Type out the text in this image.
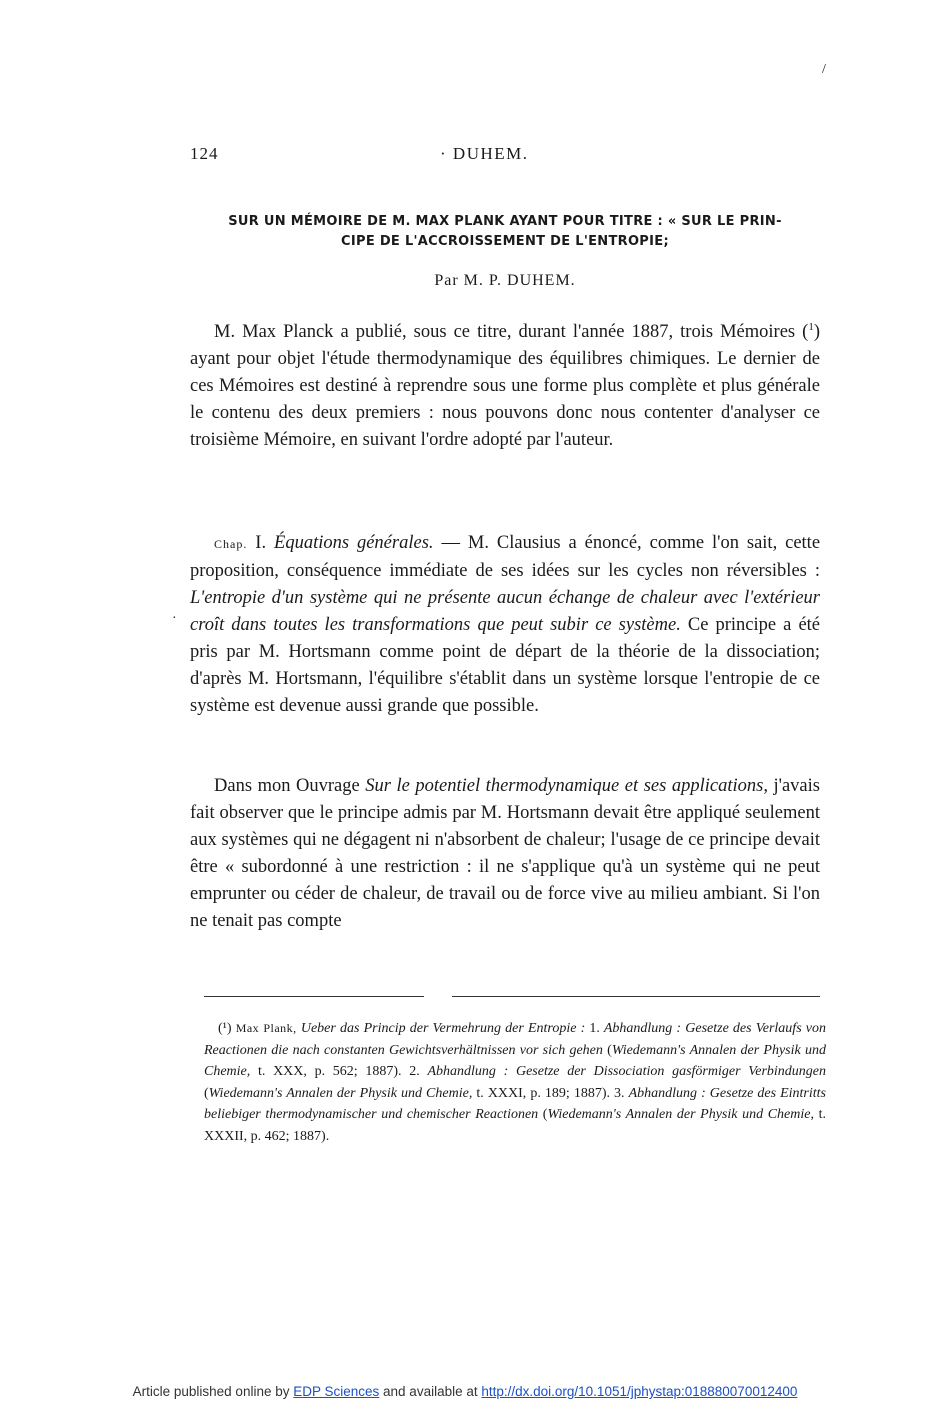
/
·
124	· DUHEM.
SUR UN MÉMOIRE DE M. MAX PLANK AYANT POUR TITRE : « SUR LE PRIN-
CIPE DE L'ACCROISSEMENT DE L'ENTROPIE;
Par M. P. DUHEM.

M. Max Planck a publié, sous ce titre, durant l'année 1887, trois Mémoires ($^1$) ayant pour objet l'étude thermodynamique des équilibres chimiques. Le dernier de ces Mémoires est destiné à reprendre sous une forme plus complète et plus générale le contenu des deux premiers : nous pouvons donc nous contenter d'analyser ce troisième Mémoire, en suivant l'ordre adopté par l'auteur.

Chap. I. Équations générales. — M. Clausius a énoncé, comme l'on sait, cette proposition, conséquence immédiate de ses idées sur les cycles non réversibles : L'entropie d'un système qui ne présente aucun échange de chaleur avec l'extérieur croît dans toutes les transformations que peut subir ce système. Ce principe a été pris par M. Hortsmann comme point de départ de la théorie de la dissociation; d'après M. Hortsmann, l'équilibre s'établit dans un système lorsque l'entropie de ce système est devenue aussi grande que possible.

Dans mon Ouvrage Sur le potentiel thermodynamique et ses applications, j'avais fait observer que le principe admis par M. Hortsmann devait être appliqué seulement aux systèmes qui ne dégagent ni n'absorbent de chaleur; l'usage de ce principe devait être « subordonné à une restriction : il ne s'applique qu'à un système qui ne peut emprunter ou céder de chaleur, de travail ou de force vive au milieu ambiant. Si l'on ne tenait pas compte

(¹) Max Plank, Ueber das Princip der Vermehrung der Entropie : 1. Abhandlung : Gesetze des Verlaufs von Reactionen die nach constanten Gewichtsverhältnissen vor sich gehen (Wiedemann's Annalen der Physik und Chemie, t. XXX, p. 562; 1887). 2. Abhandlung : Gesetze der Dissociation gasförmiger Verbindungen (Wiedemann's Annalen der Physik und Chemie, t. XXXI, p. 189; 1887). 3. Abhandlung : Gesetze des Eintritts beliebiger thermodynamischer und chemischer Reactionen (Wiedemann's Annalen der Physik und Chemie, t. XXXII, p. 462; 1887).
Article published online by EDP Sciences and available at http://dx.doi.org/10.1051/jphystap:018880070012400
